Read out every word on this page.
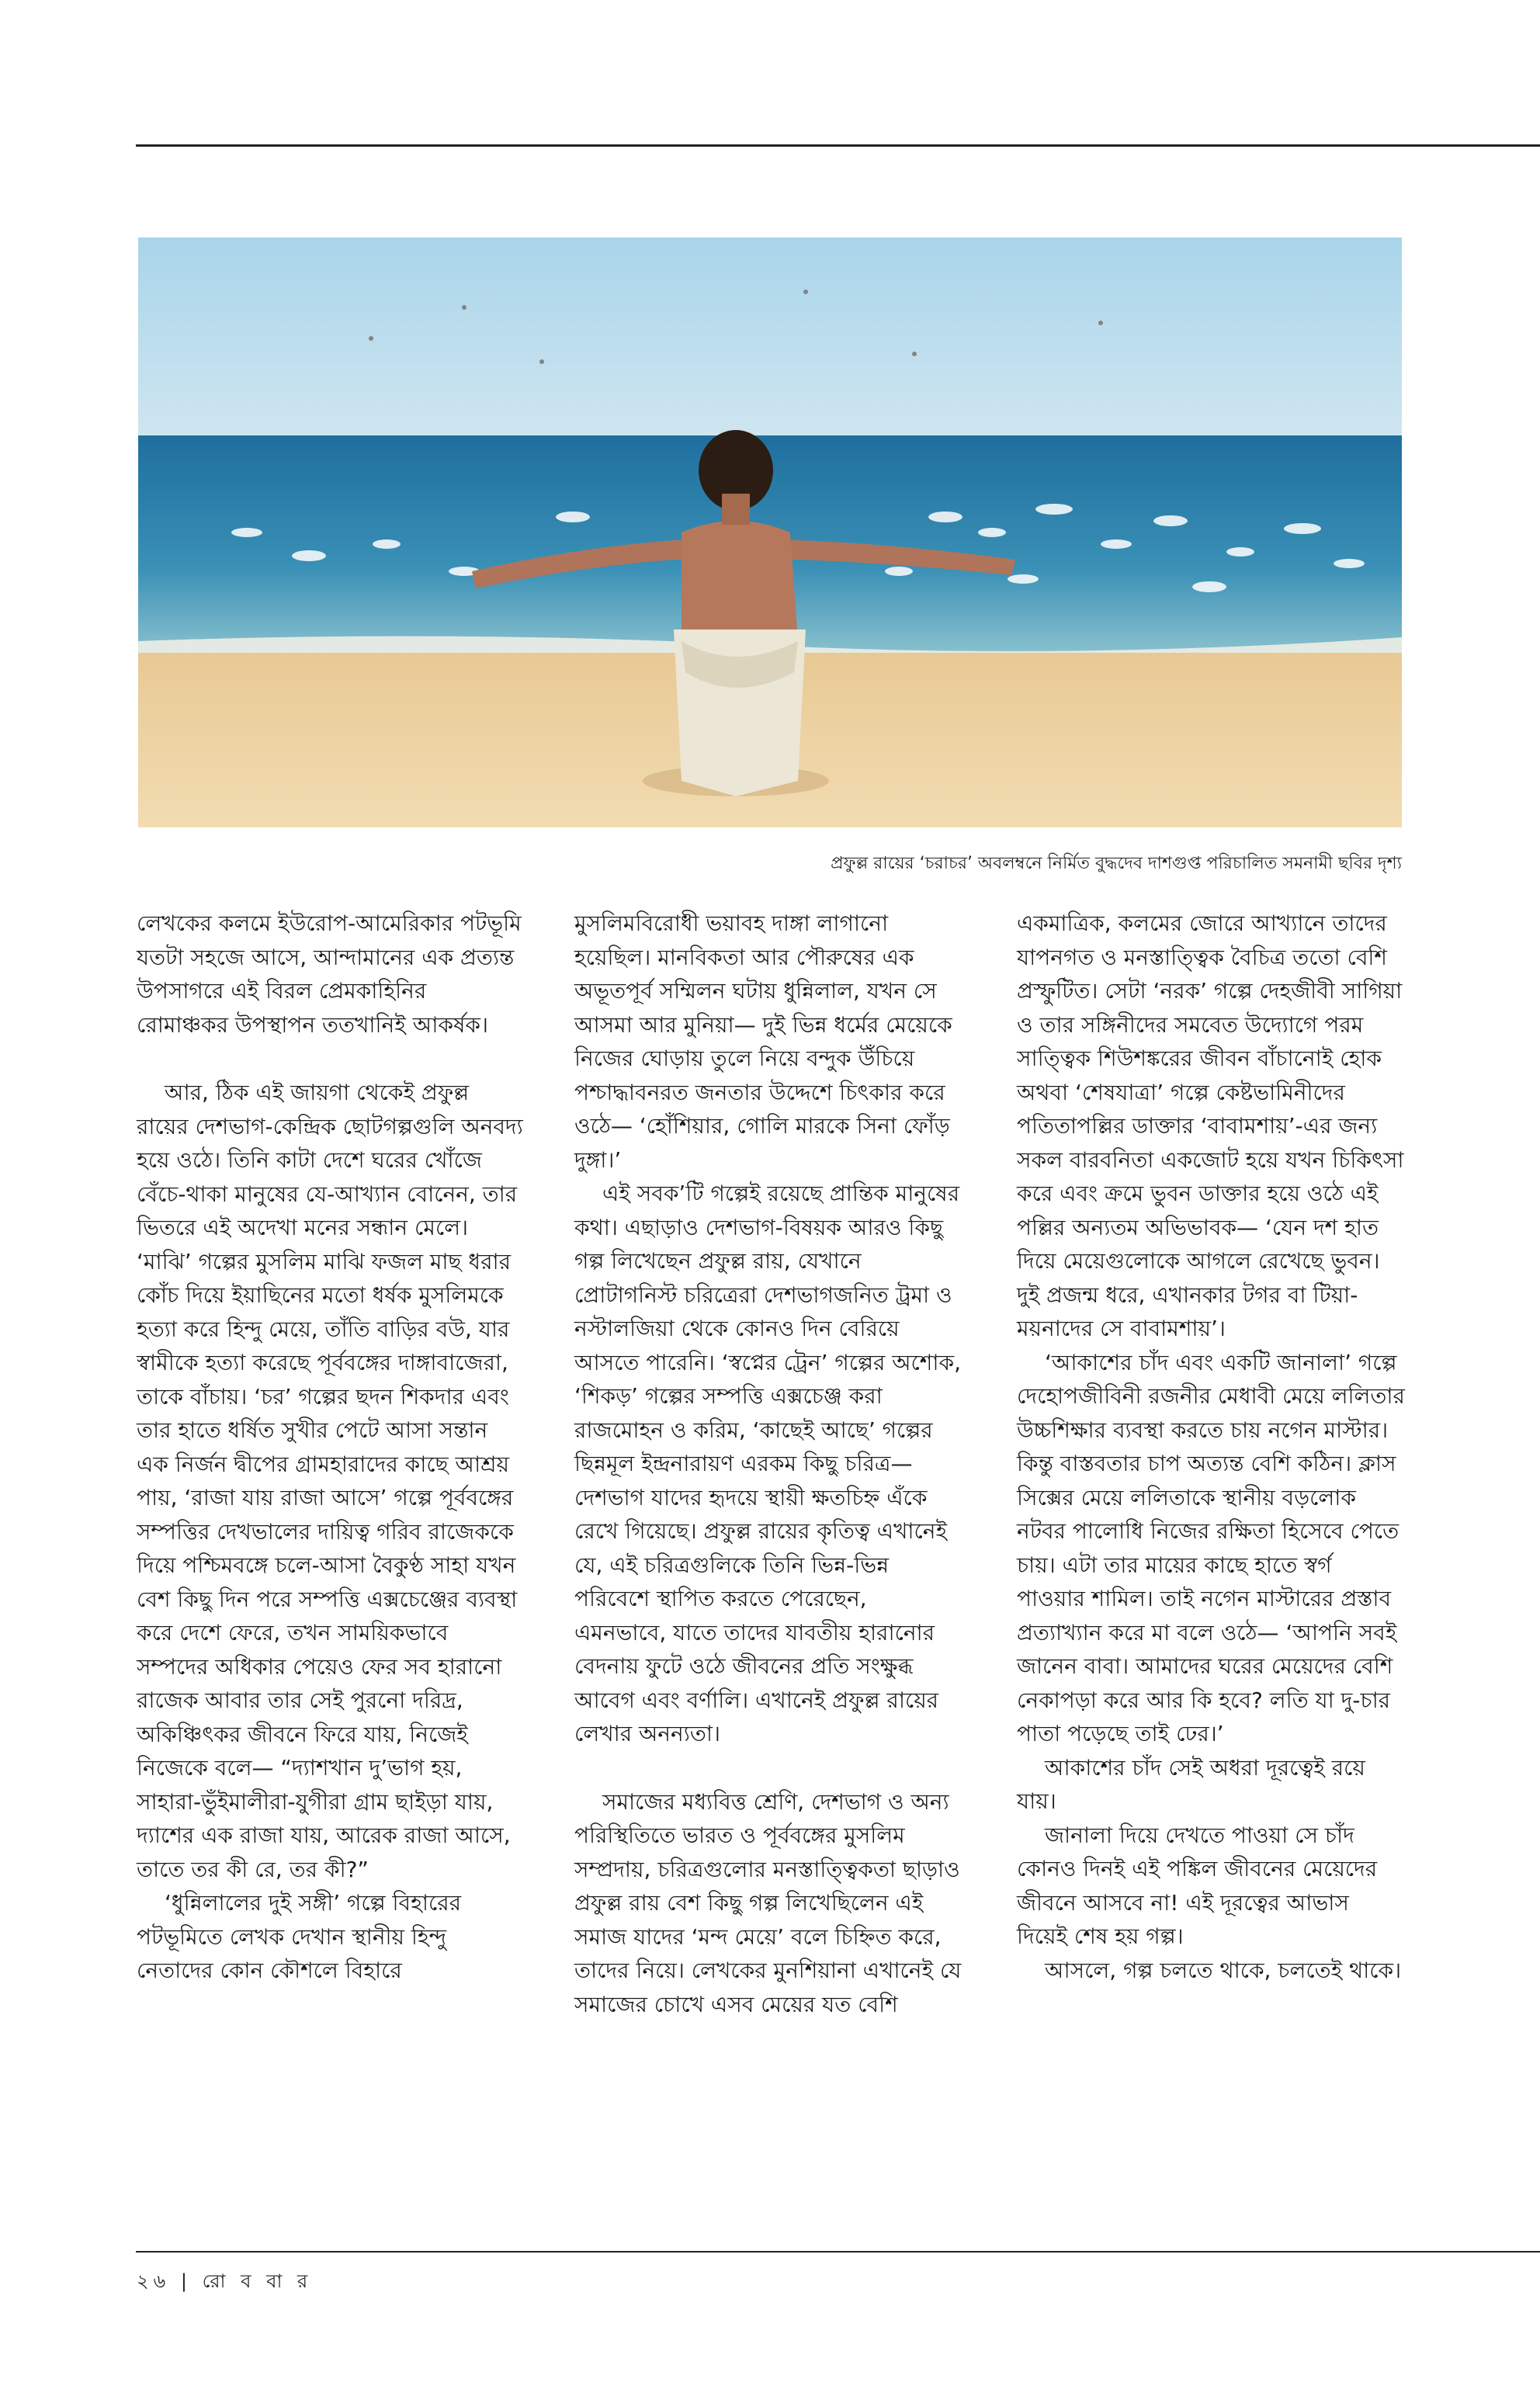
প্রফুল্ল রায়ের ‘চরাচর’ অবলম্বনে নির্মিত বুদ্ধদেব দাশগুপ্ত পরিচালিত সমনামী ছবির দৃশ্য

লেখকের কলমে ইউরোপ-আমেরিকার পটভূমি যতটা সহজে আসে, আন্দামানের এক প্রত্যন্ত উপসাগরে এই বিরল প্রেমকাহিনির রোমাঞ্চকর উপস্থাপন ততখানিই আকর্ষক।

আর, ঠিক এই জায়গা থেকেই প্রফুল্ল রায়ের দেশভাগ-কেন্দ্রিক ছোটগল্পগুলি অনবদ্য হয়ে ওঠে। তিনি কাটা দেশে ঘরের খোঁজে বেঁচে-থাকা মানুষের যে-আখ্যান বোনেন, তার ভিতরে এই অদেখা মনের সন্ধান মেলে। ‘মাঝি’ গল্পের মুসলিম মাঝি ফজল মাছ ধরার কোঁচ দিয়ে ইয়াছিনের মতো ধর্ষক মুসলিমকে হত্যা করে হিন্দু মেয়ে, তাঁতি বাড়ির বউ, যার স্বামীকে হত্যা করেছে পূর্ববঙ্গের দাঙ্গাবাজেরা, তাকে বাঁচায়। ‘চর’ গল্পের ছদন শিকদার এবং তার হাতে ধর্ষিত সুখীর পেটে আসা সন্তান এক নির্জন দ্বীপের গ্রামহারাদের কাছে আশ্রয় পায়, ‘রাজা যায় রাজা আসে’ গল্পে পূর্ববঙ্গের সম্পত্তির দেখভালের দায়িত্ব গরিব রাজেককে দিয়ে পশ্চিমবঙ্গে চলে-আসা বৈকুণ্ঠ সাহা যখন বেশ কিছু দিন পরে সম্পত্তি এক্সচেঞ্জের ব্যবস্থা করে দেশে ফেরে, তখন সাময়িকভাবে সম্পদের অধিকার পেয়েও ফের সব হারানো রাজেক আবার তার সেই পুরনো দরিদ্র, অকিঞ্চিৎকর জীবনে ফিরে যায়, নিজেই নিজেকে বলে— “দ্যাশখান দু’ভাগ হয়, সাহারা-ভুঁইমালীরা-যুগীরা গ্রাম ছাইড়া যায়, দ্যাশের এক রাজা যায়, আরেক রাজা আসে, তাতে তর কী রে, তর কী?”

‘ধুন্নিলালের দুই সঙ্গী’ গল্পে বিহারের পটভূমিতে লেখক দেখান স্থানীয় হিন্দু নেতাদের কোন কৌশলে বিহারে

মুসলিমবিরোধী ভয়াবহ দাঙ্গা লাগানো হয়েছিল। মানবিকতা আর পৌরুষের এক অভূতপূর্ব সম্মিলন ঘটায় ধুন্নিলাল, যখন সে আসমা আর মুনিয়া— দুই ভিন্ন ধর্মের মেয়েকে নিজের ঘোড়ায় তুলে নিয়ে বন্দুক উঁচিয়ে পশ্চাদ্ধাবনরত জনতার উদ্দেশে চিৎকার করে ওঠে— ‘হোঁশিয়ার, গোলি মারকে সিনা ফোঁড় দুঙ্গা।’

এই সবক’টি গল্পেই রয়েছে প্রান্তিক মানুষের কথা। এছাড়াও দেশভাগ-বিষয়ক আরও কিছু গল্প লিখেছেন প্রফুল্ল রায়, যেখানে প্রোটাগনিস্ট চরিত্রেরা দেশভাগজনিত ট্রমা ও নস্টালজিয়া থেকে কোনও দিন বেরিয়ে আসতে পারেনি। ‘স্বপ্নের ট্রেন’ গল্পের অশোক, ‘শিকড়’ গল্পের সম্পত্তি এক্সচেঞ্জ করা রাজমোহন ও করিম, ‘কাছেই আছে’ গল্পের ছিন্নমূল ইন্দ্রনারায়ণ এরকম কিছু চরিত্র— দেশভাগ যাদের হৃদয়ে স্থায়ী ক্ষতচিহ্ন এঁকে রেখে গিয়েছে। প্রফুল্ল রায়ের কৃতিত্ব এখানেই যে, এই চরিত্রগুলিকে তিনি ভিন্ন-ভিন্ন পরিবেশে স্থাপিত করতে পেরেছেন, এমনভাবে, যাতে তাদের যাবতীয় হারানোর বেদনায় ফুটে ওঠে জীবনের প্রতি সংক্ষুব্ধ আবেগ এবং বর্ণালি। এখানেই প্রফুল্ল রায়ের লেখার অনন্যতা।

সমাজের মধ্যবিত্ত শ্রেণি, দেশভাগ ও অন্য পরিস্থিতিতে ভারত ও পূর্ববঙ্গের মুসলিম সম্প্রদায়, চরিত্রগুলোর মনস্তাত্ত্বিকতা ছাড়াও প্রফুল্ল রায় বেশ কিছু গল্প লিখেছিলেন এই সমাজ যাদের ‘মন্দ মেয়ে’ বলে চিহ্নিত করে, তাদের নিয়ে। লেখকের মুনশিয়ানা এখানেই যে সমাজের চোখে এসব মেয়ের যত বেশি

একমাত্রিক, কলমের জোরে আখ্যানে তাদের যাপনগত ও মনস্তাত্ত্বিক বৈচিত্র ততো বেশি প্রস্ফুটিত। সেটা ‘নরক’ গল্পে দেহজীবী সাগিয়া ও তার সঙ্গিনীদের সমবেত উদ্যোগে পরম সাত্ত্বিক শিউশঙ্করের জীবন বাঁচানোই হোক অথবা ‘শেষযাত্রা’ গল্পে কেষ্টভামিনীদের পতিতাপল্লির ডাক্তার ‘বাবামশায়’-এর জন্য সকল বারবনিতা একজোট হয়ে যখন চিকিৎসা করে এবং ক্রমে ভুবন ডাক্তার হয়ে ওঠে এই পল্লির অন্যতম অভিভাবক— ‘যেন দশ হাত দিয়ে মেয়েগুলোকে আগলে রেখেছে ভুবন। দুই প্রজন্ম ধরে, এখানকার টগর বা টিয়া-ময়নাদের সে বাবামশায়’।

‘আকাশের চাঁদ এবং একটি জানালা’ গল্পে দেহোপজীবিনী রজনীর মেধাবী মেয়ে ললিতার উচ্চশিক্ষার ব্যবস্থা করতে চায় নগেন মাস্টার। কিন্তু বাস্তবতার চাপ অত্যন্ত বেশি কঠিন। ক্লাস সিক্সের মেয়ে ললিতাকে স্থানীয় বড়লোক নটবর পালোধি নিজের রক্ষিতা হিসেবে পেতে চায়। এটা তার মায়ের কাছে হাতে স্বর্গ পাওয়ার শামিল। তাই নগেন মাস্টারের প্রস্তাব প্রত্যাখ্যান করে মা বলে ওঠে— ‘আপনি সবই জানেন বাবা। আমাদের ঘরের মেয়েদের বেশি নেকাপড়া করে আর কি হবে? লতি যা দু-চার পাতা পড়েছে তাই ঢের।’

আকাশের চাঁদ সেই অধরা দূরত্বেই রয়ে যায়।

জানালা দিয়ে দেখতে পাওয়া সে চাঁদ কোনও দিনই এই পঙ্কিল জীবনের মেয়েদের জীবনে আসবে না! এই দূরত্বের আভাস দিয়েই শেষ হয় গল্প।

আসলে, গল্প চলতে থাকে, চলতেই থাকে।

২৬ | রো ব বা র
